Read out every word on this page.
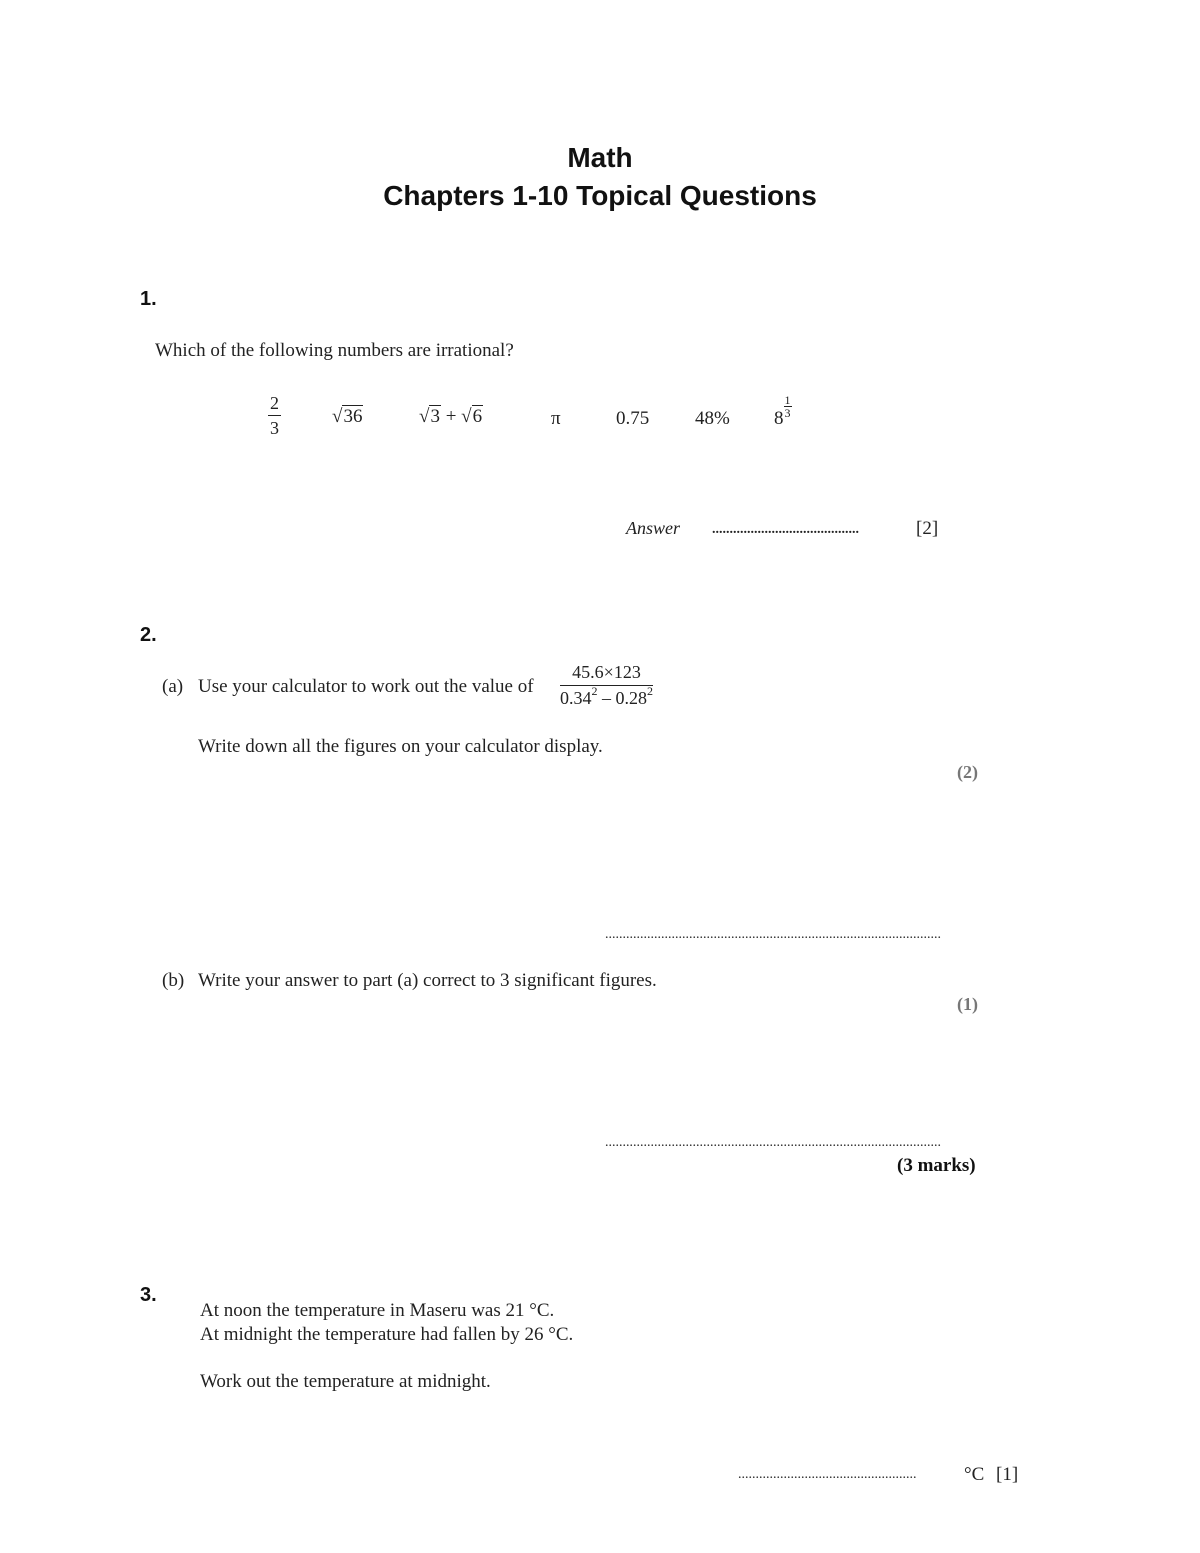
Math
Chapters 1-10 Topical Questions
1.
Which of the following numbers are irrational?
$\frac{2}{3}$	√36	√3 + √6	π	0.75 48% $8 \frac{1}{3}$
Answer ..........................................	[2]
2.
(a) Use your calculator to work out the value of $\frac{45.6\times 123}{0.34^2 - 0.28^2}$
Write down all the figures on your calculator display.
(2)
................................................................................................
(b) Write your answer to part (a) correct to 3 significant figures.
(1)
................................................................................................
(3 marks)
3.
At noon the temperature in Maseru was 21 °C.
At midnight the temperature had fallen by 26 °C.
Work out the temperature at midnight.
...................................................	°C [1]
